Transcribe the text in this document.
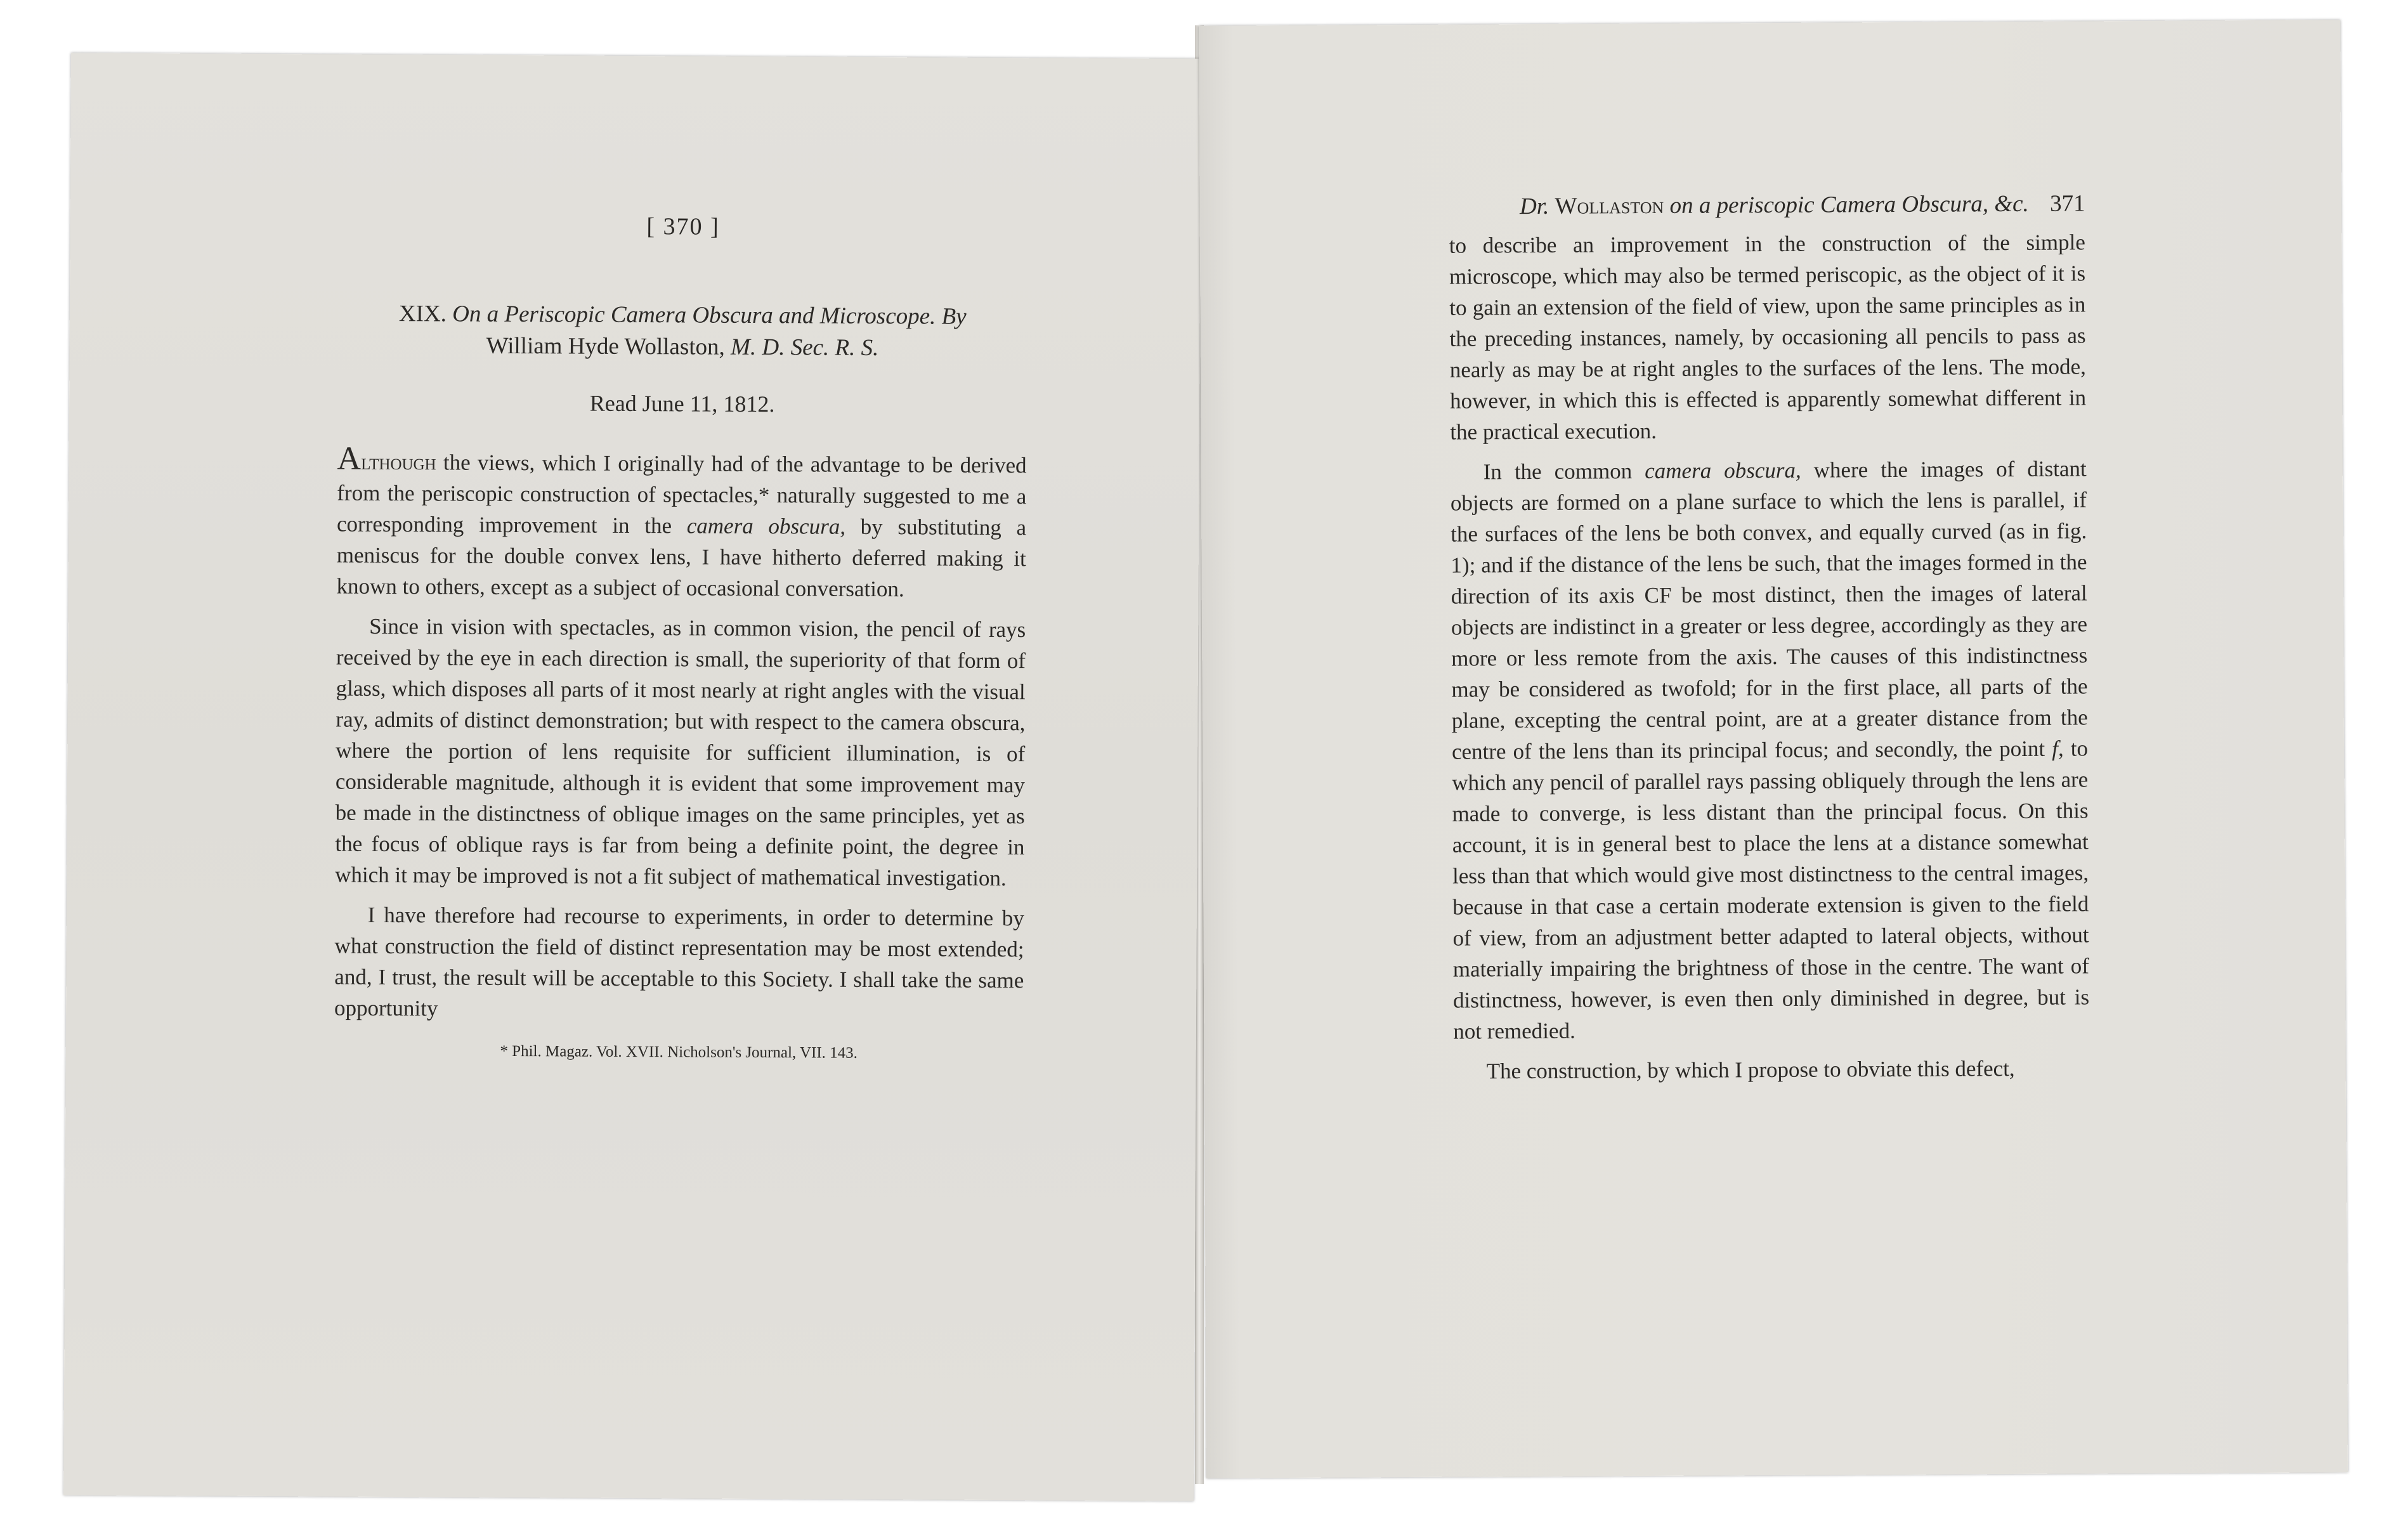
[ 370 ]
XIX. On a Periscopic Camera Obscura and Microscope. By
William Hyde Wollaston, M. D. Sec. R. S.
Read June 11, 1812.

Although the views, which I originally had of the advantage to be derived from the periscopic construction of spectacles,* naturally suggested to me a corresponding improvement in the camera obscura, by substituting a meniscus for the double convex lens, I have hitherto deferred making it known to others, except as a subject of occasional conversation.

Since in vision with spectacles, as in common vision, the pencil of rays received by the eye in each direction is small, the superiority of that form of glass, which disposes all parts of it most nearly at right angles with the visual ray, admits of distinct demonstration; but with respect to the camera obscura, where the portion of lens requisite for sufficient illumination, is of considerable magnitude, although it is evident that some improvement may be made in the distinctness of oblique images on the same principles, yet as the focus of oblique rays is far from being a definite point, the degree in which it may be improved is not a fit subject of mathematical investigation.

I have therefore had recourse to experiments, in order to determine by what construction the field of distinct representation may be most extended; and, I trust, the result will be acceptable to this Society. I shall take the same opportunity

* Phil. Magaz. Vol. XVII. Nicholson's Journal, VII. 143.
Dr. Wollaston on a periscopic Camera Obscura, &c. 371

to describe an improvement in the construction of the simple microscope, which may also be termed periscopic, as the object of it is to gain an extension of the field of view, upon the same principles as in the preceding instances, namely, by occasioning all pencils to pass as nearly as may be at right angles to the surfaces of the lens. The mode, however, in which this is effected is apparently somewhat different in the practical execution.

In the common camera obscura, where the images of distant objects are formed on a plane surface to which the lens is parallel, if the surfaces of the lens be both convex, and equally curved (as in fig. 1); and if the distance of the lens be such, that the images formed in the direction of its axis CF be most distinct, then the images of lateral objects are indistinct in a greater or less degree, accordingly as they are more or less remote from the axis. The causes of this indistinctness may be considered as twofold; for in the first place, all parts of the plane, excepting the central point, are at a greater distance from the centre of the lens than its principal focus; and secondly, the point f, to which any pencil of parallel rays passing obliquely through the lens are made to converge, is less distant than the principal focus. On this account, it is in general best to place the lens at a distance somewhat less than that which would give most distinctness to the central images, because in that case a certain moderate extension is given to the field of view, from an adjustment better adapted to lateral objects, without materially impairing the brightness of those in the centre. The want of distinctness, however, is even then only diminished in degree, but is not remedied.

The construction, by which I propose to obviate this defect,
